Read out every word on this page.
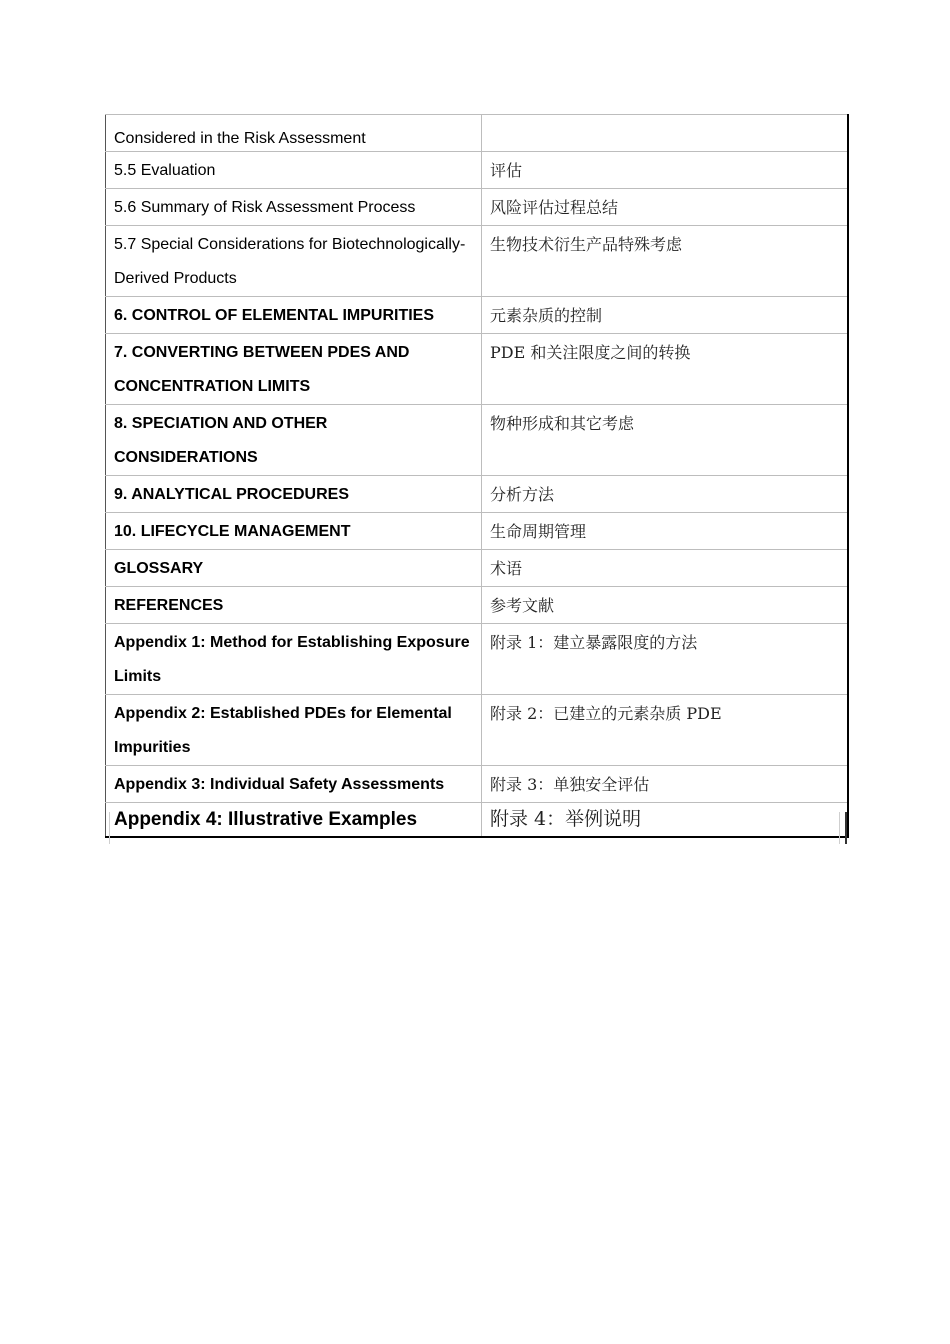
Considered in the Risk Assessment	
5.5 Evaluation	评估
5.6 Summary of Risk Assessment Process	风险评估过程总结
5.7 Special Considerations for Biotechnologically-Derived Products	生物技术衍生产品特殊考虑
6. CONTROL OF ELEMENTAL IMPURITIES	元素杂质的控制
7. CONVERTING BETWEEN PDES AND CONCENTRATION LIMITS	PDE 和关注限度之间的转换
8. SPECIATION AND OTHER CONSIDERATIONS	物种形成和其它考虑
9. ANALYTICAL PROCEDURES	分析方法
10. LIFECYCLE MANAGEMENT	生命周期管理
GLOSSARY	术语
REFERENCES	参考文献
Appendix 1: Method for Establishing Exposure Limits	附录 1：建立暴露限度的方法
Appendix 2: Established PDEs for Elemental Impurities	附录 2：已建立的元素杂质 PDE
Appendix 3: Individual Safety Assessments	附录 3：单独安全评估
Appendix 4: Illustrative Examples	附录 4：举例说明
